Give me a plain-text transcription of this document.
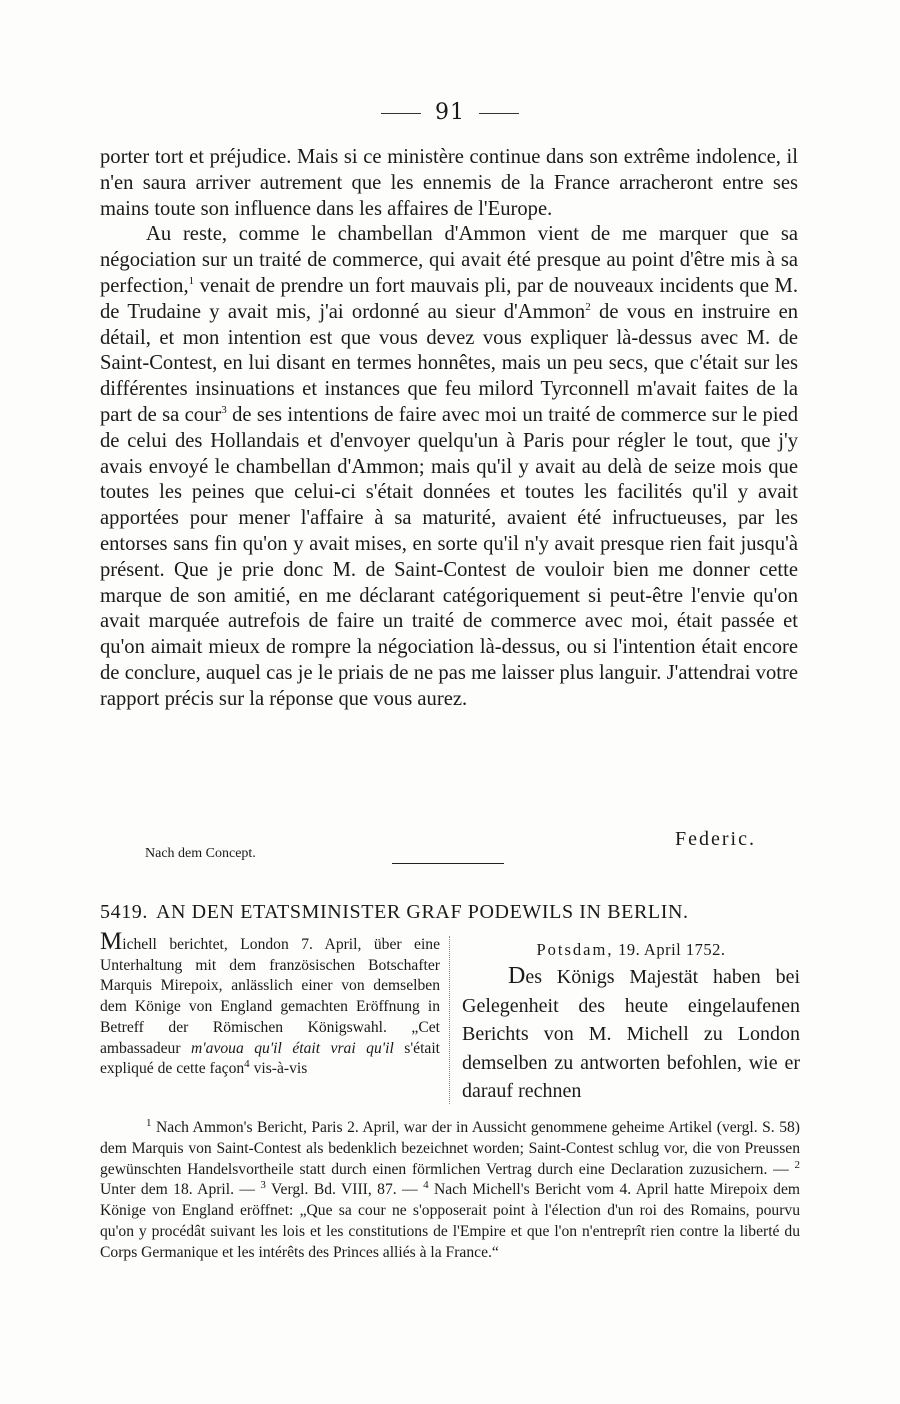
91

porter tort et préjudice. Mais si ce ministère continue dans son extrême indolence, il n'en saura arriver autrement que les ennemis de la France arracheront entre ses mains toute son influence dans les affaires de l'Europe.

Au reste, comme le chambellan d'Ammon vient de me marquer que sa négociation sur un traité de commerce, qui avait été presque au point d'être mis à sa perfection,$^1$ venait de prendre un fort mauvais pli, par de nouveaux incidents que M. de Trudaine y avait mis, j'ai ordonné au sieur d'Ammon$^2$ de vous en instruire en détail, et mon intention est que vous devez vous expliquer là-dessus avec M. de Saint-Contest, en lui disant en termes honnêtes, mais un peu secs, que c'était sur les différentes insinuations et instances que feu milord Tyrconnell m'avait faites de la part de sa cour$^3$ de ses intentions de faire avec moi un traité de commerce sur le pied de celui des Hollandais et d'envoyer quelqu'un à Paris pour régler le tout, que j'y avais envoyé le chambellan d'Ammon; mais qu'il y avait au delà de seize mois que toutes les peines que celui-ci s'était données et toutes les facilités qu'il y avait apportées pour mener l'affaire à sa maturité, avaient été infructueuses, par les entorses sans fin qu'on y avait mises, en sorte qu'il n'y avait presque rien fait jusqu'à présent. Que je prie donc M. de Saint-Contest de vouloir bien me donner cette marque de son amitié, en me déclarant catégoriquement si peut-être l'envie qu'on avait marquée autrefois de faire un traité de commerce avec moi, était passée et qu'on aimait mieux de rompre la négociation là-dessus, ou si l'intention était encore de conclure, auquel cas je le priais de ne pas me laisser plus languir. J'attendrai votre rapport précis sur la réponse que vous aurez.

Federic.
Nach dem Concept.
5419. AN DEN ETATSMINISTER GRAF PODEWILS IN BERLIN.
Michell berichtet, London 7. April, über eine Unterhaltung mit dem französischen Botschafter Marquis Mirepoix, anlässlich einer von demselben dem Könige von England gemachten Eröffnung in Betreff der Römischen Königswahl. „Cet ambassadeur m'avoua qu'il était vrai qu'il s'était expliqué de cette façon$^4$ vis-à-vis
Potsdam, 19. April 1752.
Des Königs Majestät haben bei Gelegenheit des heute eingelaufenen Berichts von M. Michell zu London demselben zu antworten befohlen, wie er darauf rechnen
$^1$ Nach Ammon's Bericht, Paris 2. April, war der in Aussicht genommene geheime Artikel (vergl. S. 58) dem Marquis von Saint-Contest als bedenklich bezeichnet worden; Saint-Contest schlug vor, die von Preussen gewünschten Handelsvortheile statt durch einen förmlichen Vertrag durch eine Declaration zuzusichern. — $^2$ Unter dem 18. April. — $^3$ Vergl. Bd. VIII, 87. — $^4$ Nach Michell's Bericht vom 4. April hatte Mirepoix dem Könige von England eröffnet: „Que sa cour ne s'opposerait point à l'élection d'un roi des Romains, pourvu qu'on y procédât suivant les lois et les constitutions de l'Empire et que l'on n'entreprît rien contre la liberté du Corps Germanique et les intérêts des Princes alliés à la France.“
